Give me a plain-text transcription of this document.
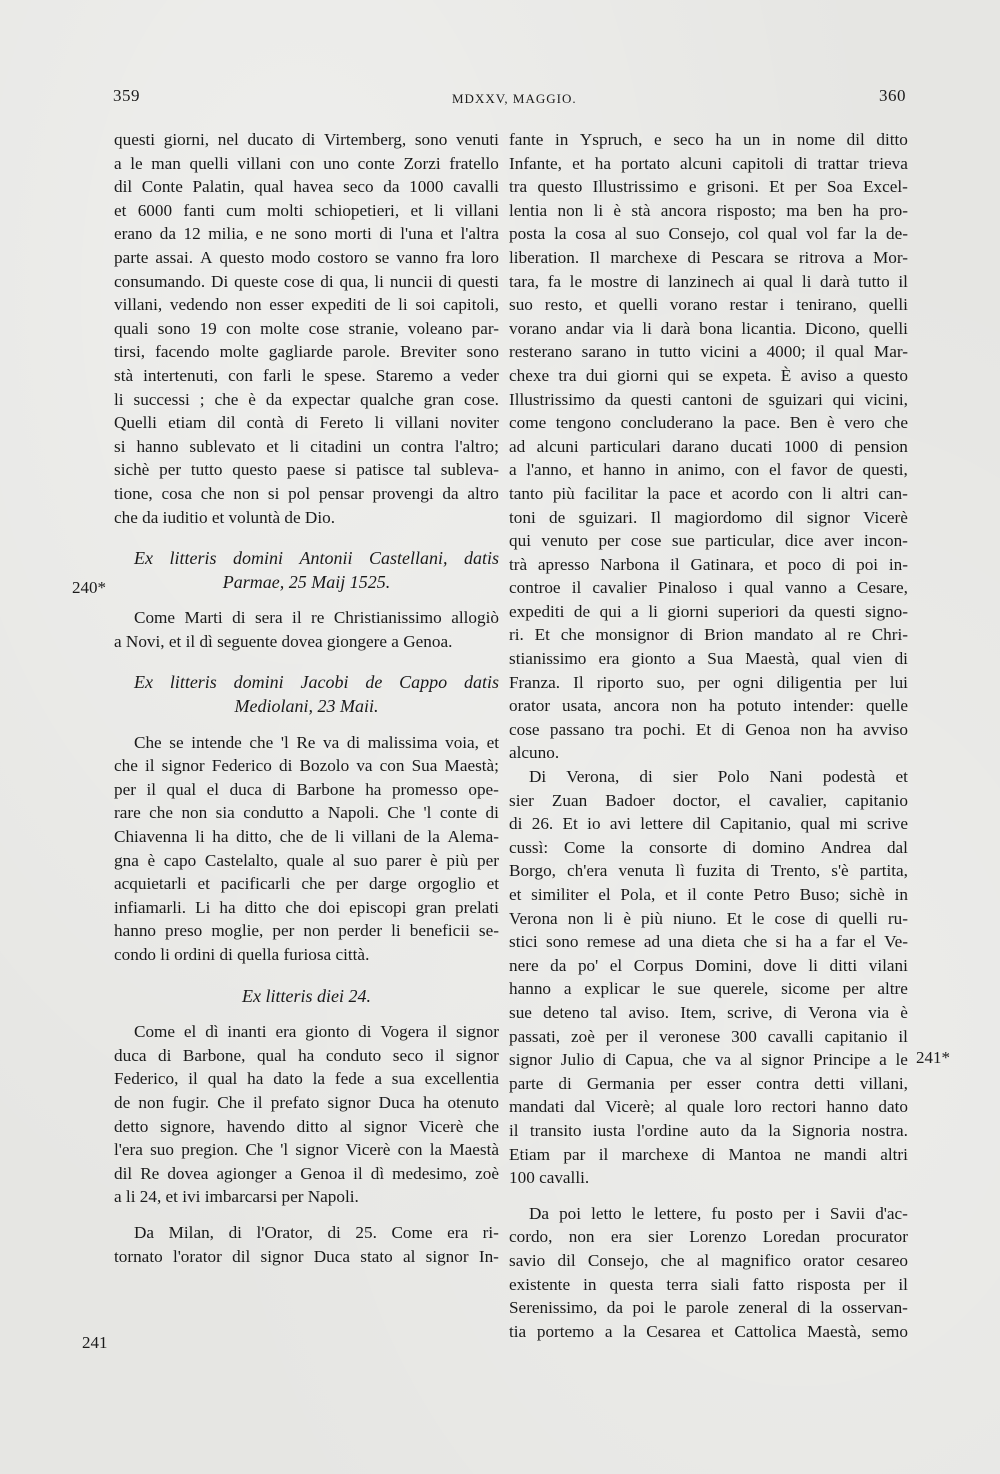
359	MDXXV, MAGGIO.	360
questi giorni, nel ducato di Virtemberg, sono venuti
a le man quelli villani con uno conte Zorzi fratello
dil Conte Palatin, qual havea seco da 1000 cavalli
et 6000 fanti cum molti schiopetieri, et li villani
erano da 12 milia, e ne sono morti di l'una et l'altra
parte assai. A questo modo costoro se vanno fra loro
consumando. Di queste cose di qua, li nuncii di questi
villani, vedendo non esser expediti de li soi capitoli,
quali sono 19 con molte cose stranie, voleano par-
tirsi, facendo molte gagliarde parole. Breviter sono
stà intertenuti, con farli le spese. Staremo a veder
li successi ; che è da expectar qualche gran cose.
Quelli etiam dil contà di Fereto li villani noviter
si hanno sublevato et li citadini un contra l'altro;
sichè per tutto questo paese si patisce tal subleva-
tione, cosa che non si pol pensar provengi da altro
che da iuditio et voluntà de Dio.
Ex litteris domini Antonii Castellani, datis
Parmae, 25 Maij 1525.
Come Marti di sera il re Christianissimo allogiò
a Novi, et il dì seguente dovea giongere a Genoa.
Ex litteris domini Jacobi de Cappo datis
Mediolani, 23 Maii.
Che se intende che 'l Re va di malissima voia, et
che il signor Federico di Bozolo va con Sua Maestà;
per il qual el duca di Barbone ha promesso ope-
rare che non sia condutto a Napoli. Che 'l conte di
Chiavenna li ha ditto, che de li villani de la Alema-
gna è capo Castelalto, quale al suo parer è più per
acquietarli et pacificarli che per darge orgoglio et
infiamarli. Li ha ditto che doi episcopi gran prelati
hanno preso moglie, per non perder li beneficii se-
condo li ordini di quella furiosa città.
Ex litteris diei 24.
Come el dì inanti era gionto di Vogera il signor
duca di Barbone, qual ha conduto seco il signor
Federico, il qual ha dato la fede a sua excellentia
de non fugir. Che il prefato signor Duca ha otenuto
detto signore, havendo ditto al signor Vicerè che
l'era suo pregion. Che 'l signor Vicerè con la Maestà
dil Re dovea agionger a Genoa il dì medesimo, zoè
a li 24, et ivi imbarcarsi per Napoli.
Da Milan, di l'Orator, di 25. Come era ri-
tornato l'orator dil signor Duca stato al signor In-
fante in Yspruch, e seco ha un in nome dil ditto
Infante, et ha portato alcuni capitoli di trattar trieva
tra questo Illustrissimo e grisoni. Et per Soa Excel-
lentia non li è stà ancora risposto; ma ben ha pro-
posta la cosa al suo Consejo, col qual vol far la de-
liberation. Il marchexe di Pescara se ritrova a Mor-
tara, fa le mostre di lanzinech ai qual li darà tutto il
suo resto, et quelli vorano restar i tenirano, quelli
vorano andar via li darà bona licantia. Dicono, quelli
resterano sarano in tutto vicini a 4000; il qual Mar-
chexe tra dui giorni qui se expeta. È aviso a questo
Illustrissimo da questi cantoni de sguizari qui vicini,
come tengono concluderano la pace. Ben è vero che
ad alcuni particulari darano ducati 1000 di pension
a l'anno, et hanno in animo, con el favor de questi,
tanto più facilitar la pace et acordo con li altri can-
toni de sguizari. Il magiordomo dil signor Vicerè
qui venuto per cose sue particular, dice aver incon-
trà apresso Narbona il Gatinara, et poco di poi in-
controe il cavalier Pinaloso i qual vanno a Cesare,
expediti de qui a li giorni superiori da questi signo-
ri. Et che monsignor di Brion mandato al re Chri-
stianissimo era gionto a Sua Maestà, qual vien di
Franza. Il riporto suo, per ogni diligentia per lui
orator usata, ancora non ha potuto intender: quelle
cose passano tra pochi. Et di Genoa non ha avviso
alcuno.
Di Verona, di sier Polo Nani podestà et
sier Zuan Badoer doctor, el cavalier, capitanio
di 26. Et io avi lettere dil Capitanio, qual mi scrive
cussì: Come la consorte di domino Andrea dal
Borgo, ch'era venuta lì fuzita di Trento, s'è partita,
et similiter el Pola, et il conte Petro Buso; sichè in
Verona non li è più niuno. Et le cose di quelli ru-
stici sono remese ad una dieta che si ha a far el Ve-
nere da po' el Corpus Domini, dove li ditti vilani
hanno a explicar le sue querele, sicome per altre
sue deteno tal aviso. Item, scrive, di Verona via è
passati, zoè per il veronese 300 cavalli capitanio il
signor Julio di Capua, che va al signor Principe a le
parte di Germania per esser contra detti villani,
mandati dal Vicerè; al quale loro rectori hanno dato
il transito iusta l'ordine auto da la Signoria nostra.
Etiam par il marchexe di Mantoa ne mandi altri
100 cavalli.
Da poi letto le lettere, fu posto per i Savii d'ac-
cordo, non era sier Lorenzo Loredan procurator
savio dil Consejo, che al magnifico orator cesareo
existente in questa terra siali fatto risposta per il
Serenissimo, da poi le parole zeneral di la osservan-
tia portemo a la Cesarea et Cattolica Maestà, semo
240*
241
241*
